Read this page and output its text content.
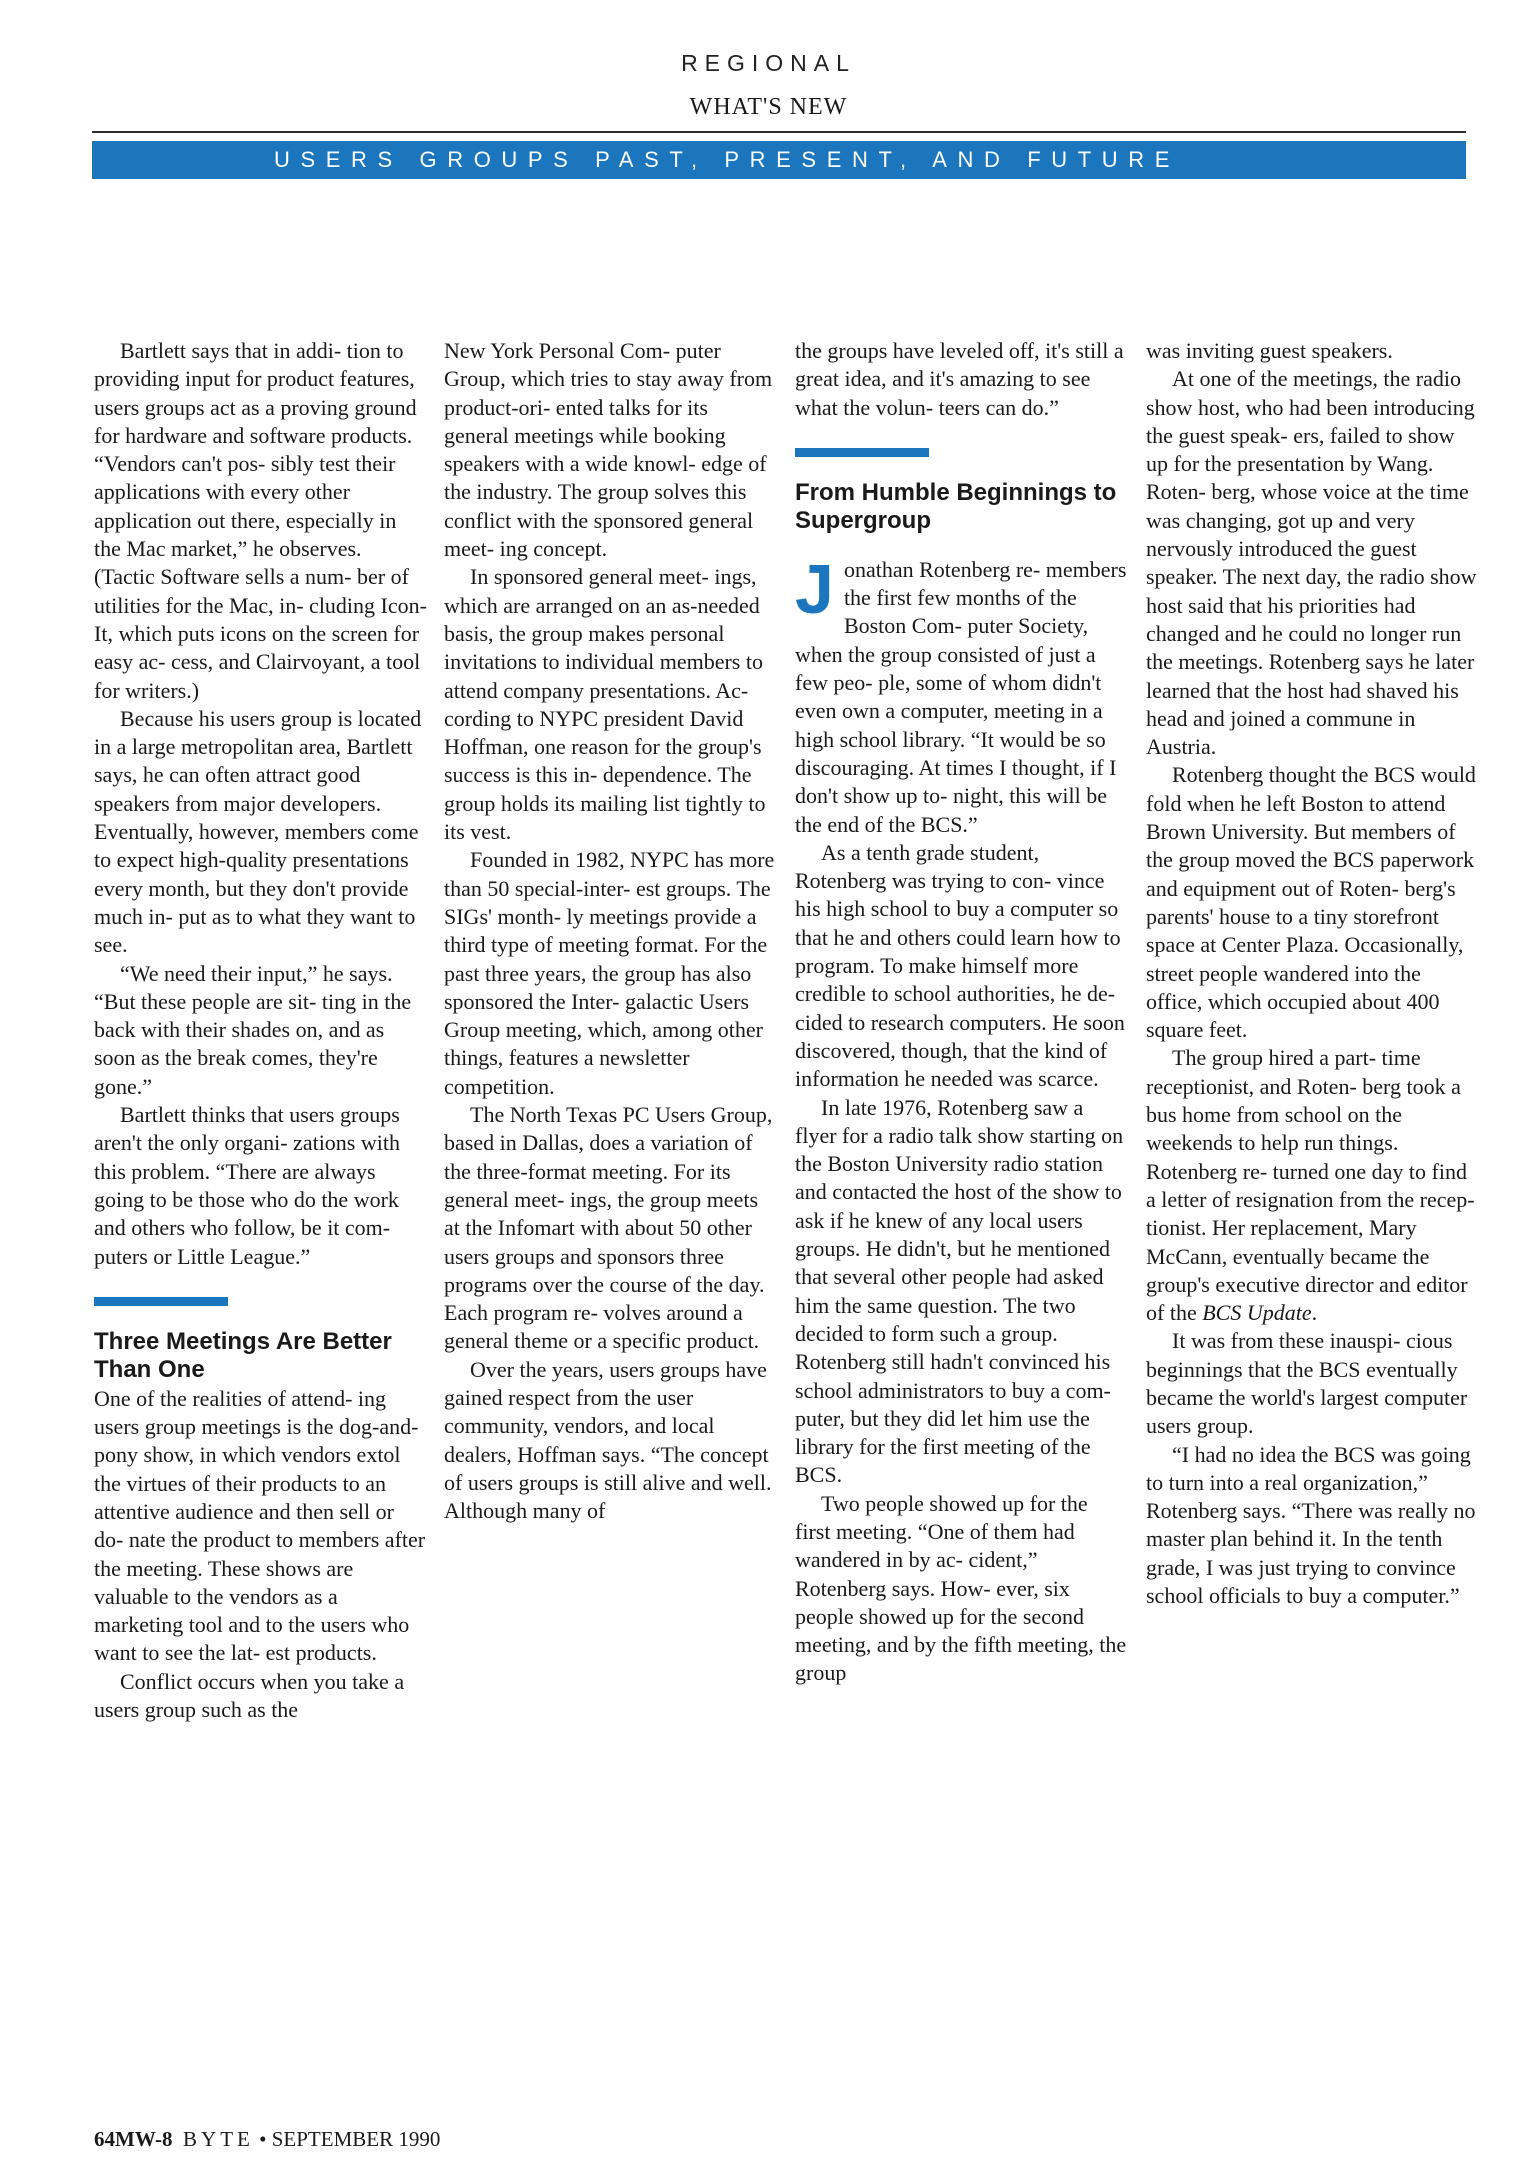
REGIONAL
WHAT'S NEW
USERS GROUPS PAST, PRESENT, AND FUTURE

Bartlett says that in addi- tion to providing input for product features, users groups act as a proving ground for hardware and software products. “Vendors can't pos- sibly test their applications with every other application out there, especially in the Mac market,” he observes. (Tactic Software sells a num- ber of utilities for the Mac, in- cluding Icon-It, which puts icons on the screen for easy ac- cess, and Clairvoyant, a tool for writers.)

Because his users group is located in a large metropolitan area, Bartlett says, he can often attract good speakers from major developers. Eventually, however, members come to expect high-quality presentations every month, but they don't provide much in- put as to what they want to see.

“We need their input,” he says. “But these people are sit- ting in the back with their shades on, and as soon as the break comes, they're gone.”

Bartlett thinks that users groups aren't the only organi- zations with this problem. “There are always going to be those who do the work and others who follow, be it com- puters or Little League.”

Three Meetings Are Better Than One

One of the realities of attend- ing users group meetings is the dog-and-pony show, in which vendors extol the virtues of their products to an attentive audience and then sell or do- nate the product to members after the meeting. These shows are valuable to the vendors as a marketing tool and to the users who want to see the lat- est products.

Conflict occurs when you take a users group such as the

New York Personal Com- puter Group, which tries to stay away from product-ori- ented talks for its general meetings while booking speakers with a wide knowl- edge of the industry. The group solves this conflict with the sponsored general meet- ing concept.

In sponsored general meet- ings, which are arranged on an as-needed basis, the group makes personal invitations to individual members to attend company presentations. Ac- cording to NYPC president David Hoffman, one reason for the group's success is this in- dependence. The group holds its mailing list tightly to its vest.

Founded in 1982, NYPC has more than 50 special-inter- est groups. The SIGs' month- ly meetings provide a third type of meeting format. For the past three years, the group has also sponsored the Inter- galactic Users Group meeting, which, among other things, features a newsletter competition.

The North Texas PC Users Group, based in Dallas, does a variation of the three-format meeting. For its general meet- ings, the group meets at the Infomart with about 50 other users groups and sponsors three programs over the course of the day. Each program re- volves around a general theme or a specific product.

Over the years, users groups have gained respect from the user community, vendors, and local dealers, Hoffman says. “The concept of users groups is still alive and well. Although many of

the groups have leveled off, it's still a great idea, and it's amazing to see what the volun- teers can do.”

From Humble Beginnings to Supergroup

Jonathan Rotenberg re- members the first few months of the Boston Com- puter Society, when the group consisted of just a few peo- ple, some of whom didn't even own a computer, meeting in a high school library. “It would be so discouraging. At times I thought, if I don't show up to- night, this will be the end of the BCS.”

As a tenth grade student, Rotenberg was trying to con- vince his high school to buy a computer so that he and others could learn how to program. To make himself more credible to school authorities, he de- cided to research computers. He soon discovered, though, that the kind of information he needed was scarce.

In late 1976, Rotenberg saw a flyer for a radio talk show starting on the Boston University radio station and contacted the host of the show to ask if he knew of any local users groups. He didn't, but he mentioned that several other people had asked him the same question. The two decided to form such a group. Rotenberg still hadn't convinced his school administrators to buy a com- puter, but they did let him use the library for the first meeting of the BCS.

Two people showed up for the first meeting. “One of them had wandered in by ac- cident,” Rotenberg says. How- ever, six people showed up for the second meeting, and by the fifth meeting, the group

was inviting guest speakers.

At one of the meetings, the radio show host, who had been introducing the guest speak- ers, failed to show up for the presentation by Wang. Roten- berg, whose voice at the time was changing, got up and very nervously introduced the guest speaker. The next day, the radio show host said that his priorities had changed and he could no longer run the meetings. Rotenberg says he later learned that the host had shaved his head and joined a commune in Austria.

Rotenberg thought the BCS would fold when he left Boston to attend Brown University. But members of the group moved the BCS paperwork and equipment out of Roten- berg's parents' house to a tiny storefront space at Center Plaza. Occasionally, street people wandered into the office, which occupied about 400 square feet.

The group hired a part- time receptionist, and Roten- berg took a bus home from school on the weekends to help run things. Rotenberg re- turned one day to find a letter of resignation from the recep- tionist. Her replacement, Mary McCann, eventually became the group's executive director and editor of the BCS Update.

It was from these inauspi- cious beginnings that the BCS eventually became the world's largest computer users group.

“I had no idea the BCS was going to turn into a real organization,” Rotenberg says. “There was really no master plan behind it. In the tenth grade, I was just trying to convince school officials to buy a computer.”

64MW-8 BYTE • SEPTEMBER 1990
